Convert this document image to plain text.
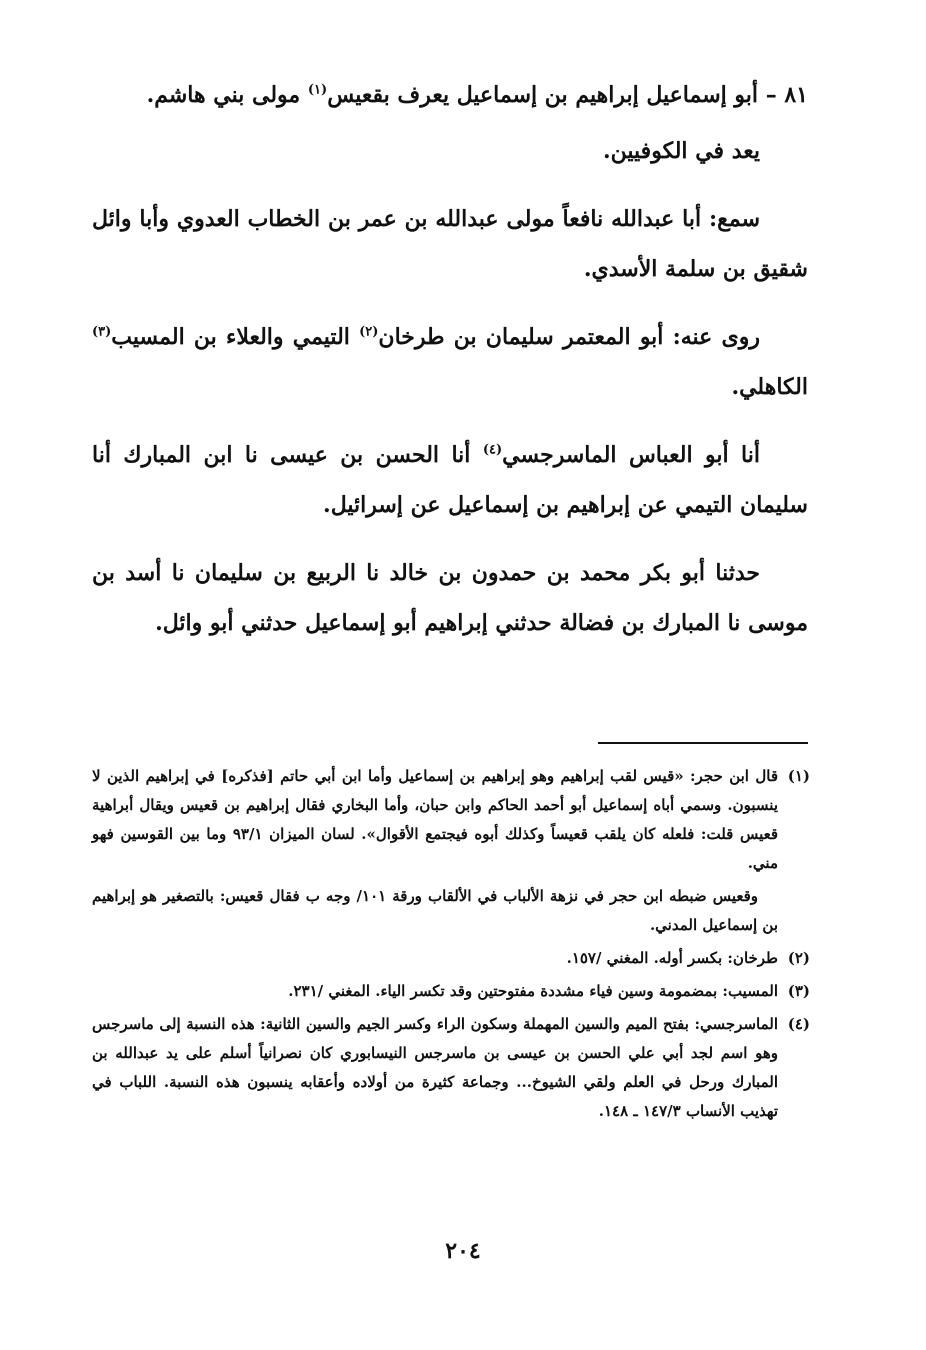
٨١ – أبو إسماعيل إبراهيم بن إسماعيل يعرف بقعيس$^{(١)}$ مولى بني هاشم.

يعد في الكوفيين.

سمع: أبا عبدالله نافعاً مولى عبدالله بن عمر بن الخطاب العدوي وأبا وائل شقيق بن سلمة الأسدي.

روى عنه: أبو المعتمر سليمان بن طرخان$^{(٢)}$ التيمي والعلاء بن المسيب$^{(٣)}$ الكاهلي.

أنا أبو العباس الماسرجسي$^{(٤)}$ أنا الحسن بن عيسى نا ابن المبارك أنا سليمان التيمي عن إبراهيم بن إسماعيل عن إسرائيل.

حدثنا أبو بكر محمد بن حمدون بن خالد نا الربيع بن سليمان نا أسد بن موسى نا المبارك بن فضالة حدثني إبراهيم أبو إسماعيل حدثني أبو وائل.

(١)
قال ابن حجر: «قيس لقب إبراهيم وهو إبراهيم بن إسماعيل وأما ابن أبي حاتم [فذكره] في إبراهيم الذين لا ينسبون. وسمي أباه إسماعيل أبو أحمد الحاكم وابن حبان، وأما البخاري فقال إبراهيم بن قعيس ويقال أبراهية قعيس قلت: فلعله كان يلقب قعيساً وكذلك أبوه فيجتمع الأقوال». لسان الميزان ٩٣/١ وما بين القوسين فهو مني.
وقعيس ضبطه ابن حجر في نزهة الألباب في الألقاب ورقة ١٠١/ وجه ب فقال قعيس: بالتصغير هو إبراهيم بن إسماعيل المدني.
(٢)
طرخان: بكسر أوله. المغني /١٥٧.
(٣)
المسيب: بمضمومة وسين فياء مشددة مفتوحتين وقد تكسر الياء. المغني /٢٣١.
(٤)
الماسرجسي: بفتح الميم والسين المهملة وسكون الراء وكسر الجيم والسين الثانية: هذه النسبة إلى ماسرجس وهو اسم لجد أبي علي الحسن بن عيسى بن ماسرجس النيسابوري كان نصرانياً أسلم على يد عبدالله بن المبارك ورحل في العلم ولقي الشيوخ... وجماعة كثيرة من أولاده وأعقابه ينسبون هذه النسبة. اللباب في تهذيب الأنساب ١٤٧/٣ ـ ١٤٨.
٢٠٤
